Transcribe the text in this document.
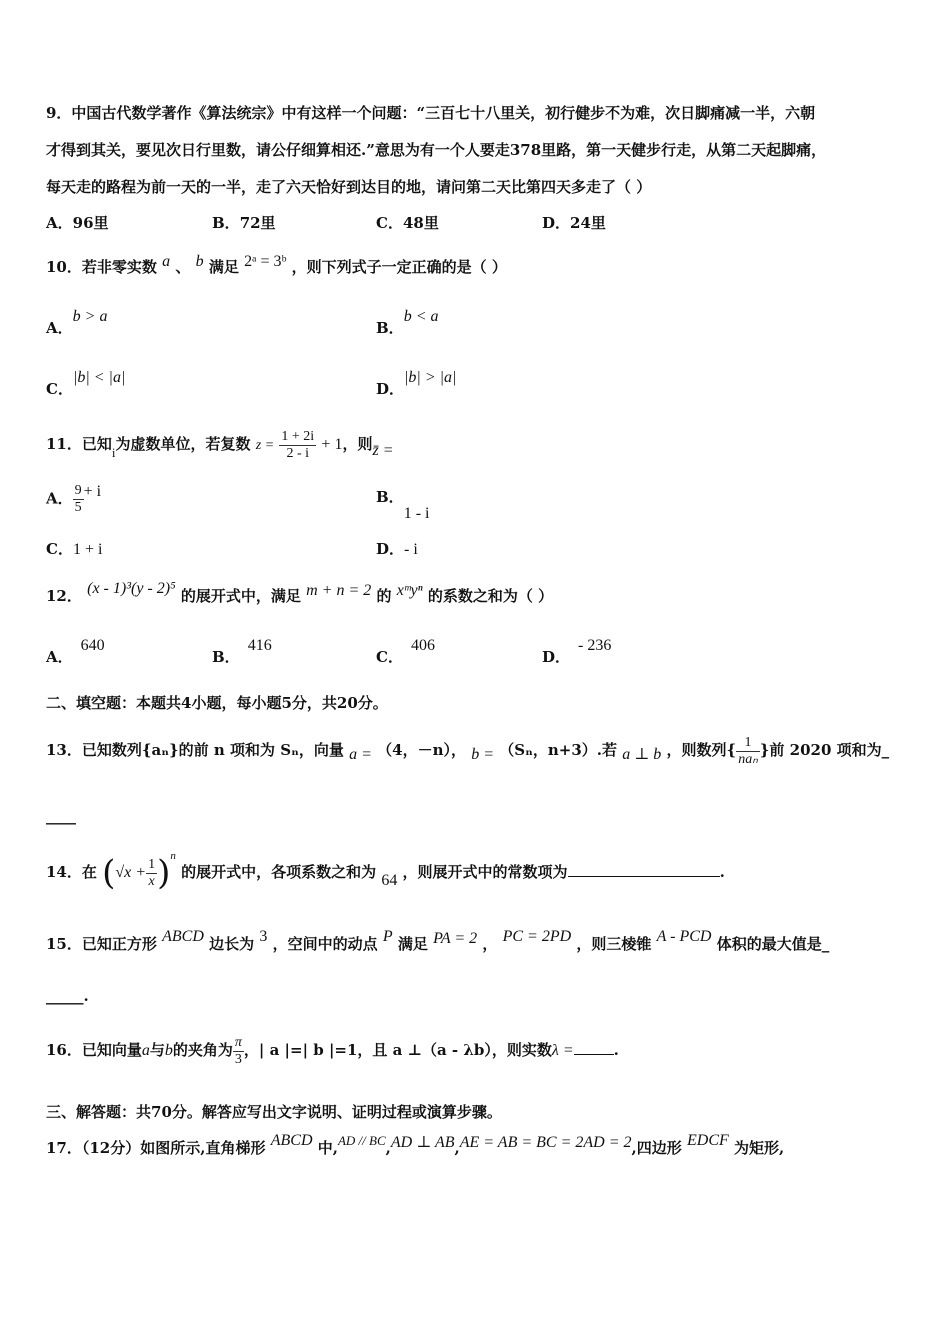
9．中国古代数学著作《算法统宗》中有这样一个问题：“三百七十八里关，初行健步不为难，次日脚痛减一半，六朝
才得到其关，要见次日行里数，请公仔细算相还.”意思为有一个人要走378里路，第一天健步行走，从第二天起脚痛，
每天走的路程为前一天的一半，走了六天恰好到达目的地，请问第二天比第四天多走了（ ）
A．96里	B．72里	C．48里	D．24里
10．若非零实数 a 、 b 满足 2ᵃ = 3ᵇ ，则下列式子一定正确的是（ ）
A．b > a
B．b < a
C．|b| < |a|
D．|b| > |a|
11．已知i为虚数单位，若复数 $z = \frac{1 + 2i}{2 - i} + 1$，则z̄ =
A． $\frac{9}{5} + i$	B．1 - i
C．1 + i	D．- i
12． (x - 1)³(y - 2)⁵ 的展开式中，满足 m + n = 2 的 xᵐyⁿ 的系数之和为（ ）
A．640
B．416
C．406
D．- 236
二、填空题：本题共4小题，每小题5分，共20分。
13．已知数列{aₙ}的前 n 项和为 Sₙ，向量 a = （4，－n）， b = （Sₙ，n+3）.若 a ⊥ b ，则数列{ $\frac{1}{\text{naₙ}}$ }前 2020 项和为_
____
14．在 $(√x + \frac{1}{x} )^n$ 的展开式中，各项系数之和为 64 ，则展开式中的常数项为	.
15．已知正方形 ABCD 边长为 3 ，空间中的动点 P 满足 PA = 2 ， PC = 2PD ，则三棱锥 A - PCD 体积的最大值是_
_____.
16．已知向量a与b的夹角为 $\frac{\pi}{3}$ ，| a |=| b |=1，且 a ⊥（a - λb），则实数λ =	.
三、解答题：共70分。解答应写出文字说明、证明过程或演算步骤。
17．（12分）如图所示,直角梯形 ABCD 中,AD // BC,AD ⊥ AB,AE = AB = BC = 2AD = 2,四边形 EDCF 为矩形,
